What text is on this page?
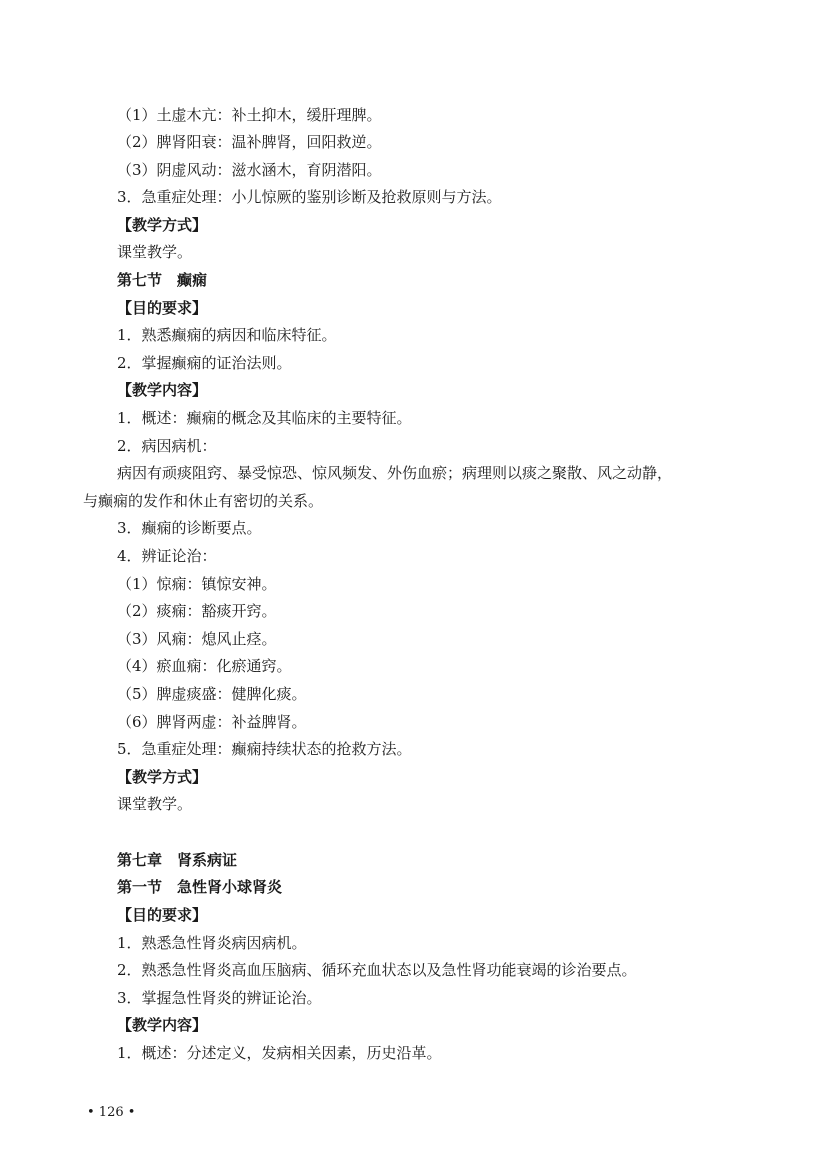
（1）土虚木亢：补土抑木，缓肝理脾。
（2）脾肾阳衰：温补脾肾，回阳救逆。
（3）阴虚风动：滋水涵木，育阴潜阳。
3．急重症处理：小儿惊厥的鉴别诊断及抢救原则与方法。
【教学方式】
课堂教学。
第七节　癫痫
【目的要求】
1．熟悉癫痫的病因和临床特征。
2．掌握癫痫的证治法则。
【教学内容】
1．概述：癫痫的概念及其临床的主要特征。
2．病因病机：
病因有顽痰阻窍、暴受惊恐、惊风频发、外伤血瘀；病理则以痰之聚散、风之动静，
与癫痫的发作和休止有密切的关系。
3．癫痫的诊断要点。
4．辨证论治：
（1）惊痫：镇惊安神。
（2）痰痫：豁痰开窍。
（3）风痫：熄风止痉。
（4）瘀血痫：化瘀通窍。
（5）脾虚痰盛：健脾化痰。
（6）脾肾两虚：补益脾肾。
5．急重症处理：癫痫持续状态的抢救方法。
【教学方式】
课堂教学。
第七章　肾系病证
第一节　急性肾小球肾炎
【目的要求】
1．熟悉急性肾炎病因病机。
2．熟悉急性肾炎高血压脑病、循环充血状态以及急性肾功能衰竭的诊治要点。
3．掌握急性肾炎的辨证论治。
【教学内容】
1．概述：分述定义，发病相关因素，历史沿革。
• 126 •
